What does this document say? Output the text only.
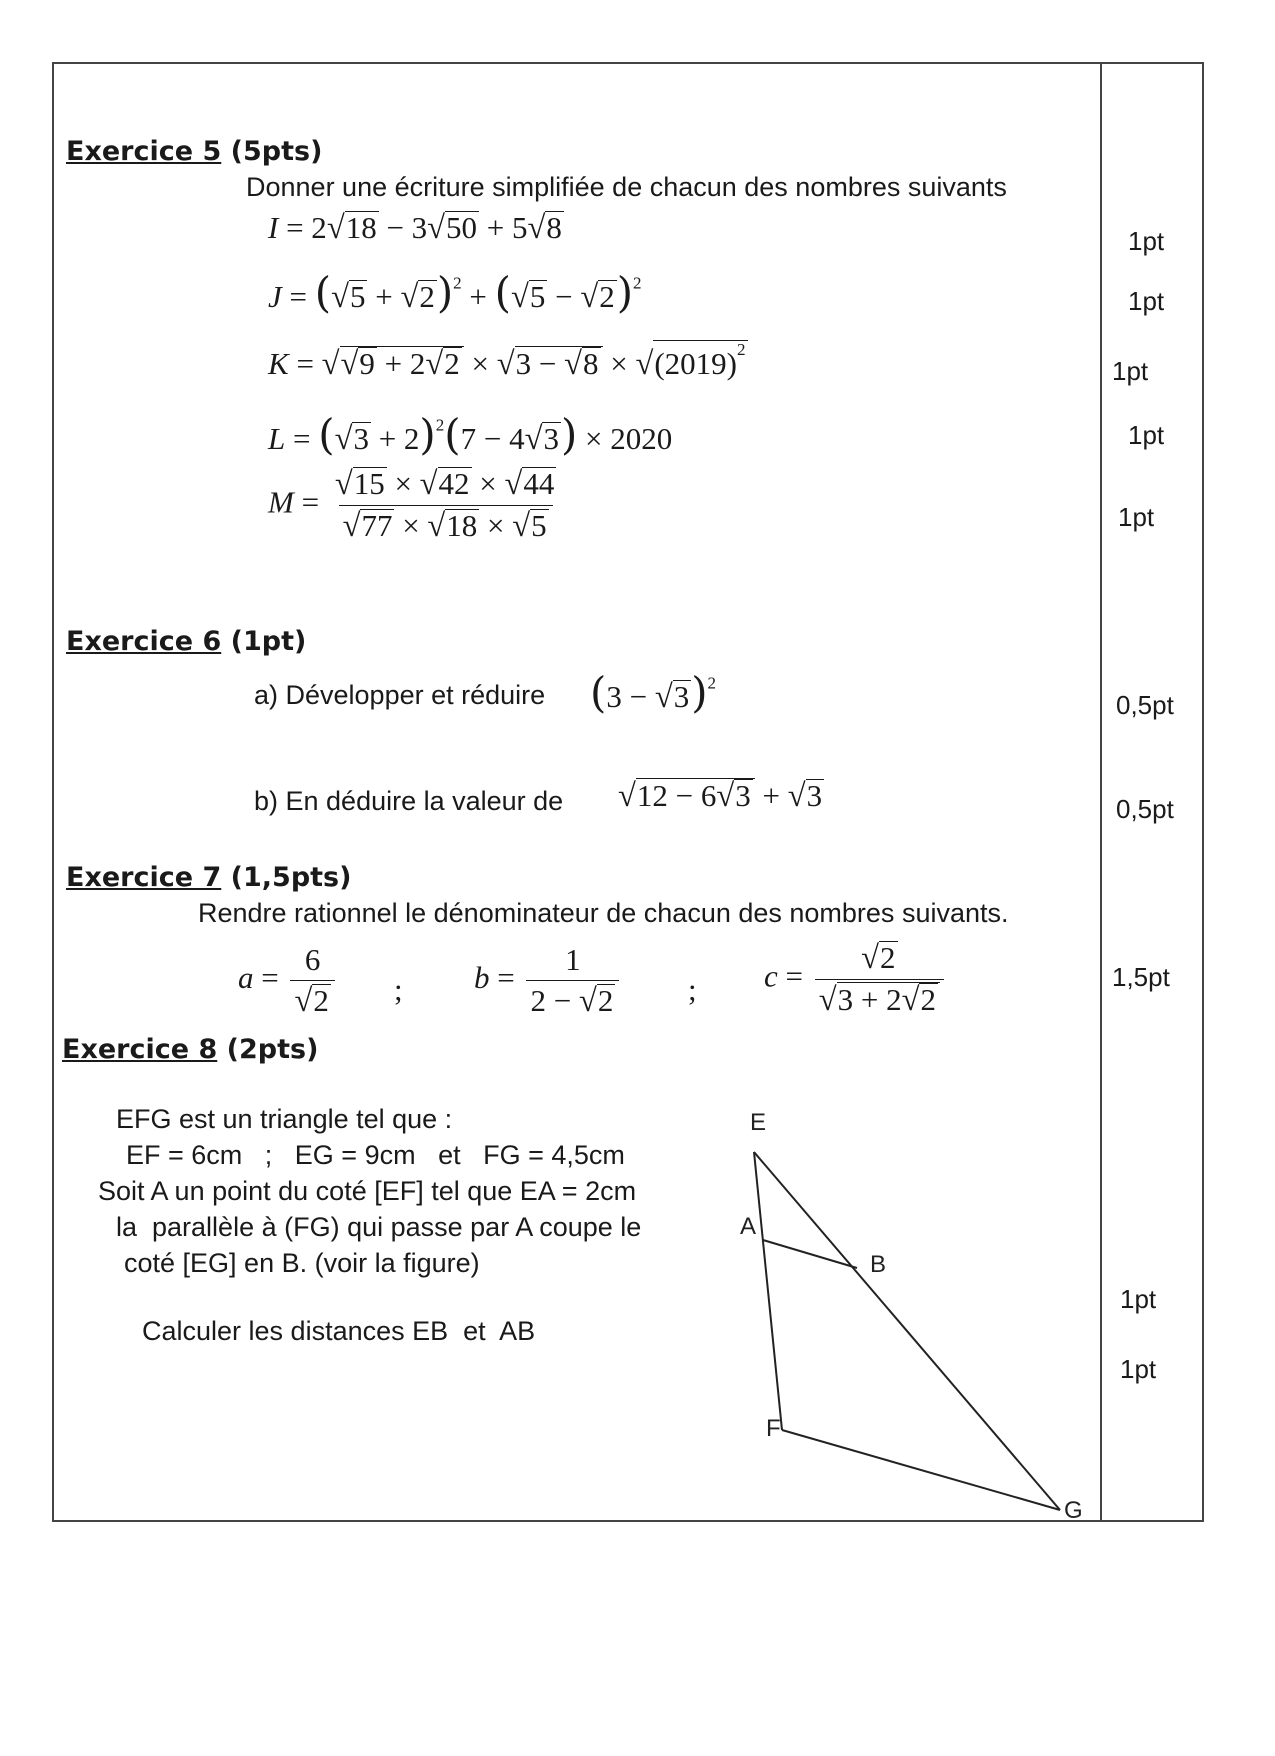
Exercice 5 (5pts)
Donner une écriture simplifiée de chacun des nombres suivants
I = 2√18 − 3√50 + 5√8
$J = (√5 + √2)^2 + (√5 - √2)^2$
$K = √√9 + 2√2 \times √3 - √8 \times √(2019)^2$
$L = (√3 + 2)^2(7 - 4√3) \times 2020$
$M = \frac{√15 \times √42 \times √44}{√77 \times √18 \times √5}$
1pt
1pt
1pt
1pt
1pt
Exercice 6 (1pt)
a) Développer et réduire $(3 - √3)^2$
b) En déduire la valeur de √12 − 6√3 + √3
0,5pt
0,5pt
Exercice 7 (1,5pts)
Rendre rationnel le dénominateur de chacun des nombres suivants.
$a = \frac{6}{√2}$ ; $b = \frac{1}{2 - √2}$ ; $c = \frac{√2}{√3 + 2√2}$	1,5pt
Exercice 8 (2pts)
EFG est un triangle tel que :
EF = 6cm   ;   EG = 9cm   et   FG = 4,5cm
Soit A un point du coté [EF] tel que EA = 2cm
la  parallèle à (FG) qui passe par A coupe le
coté [EG] en B. (voir la figure)
Calculer les distances EB  et  AB
1pt
1pt
E
A
B
F
G
